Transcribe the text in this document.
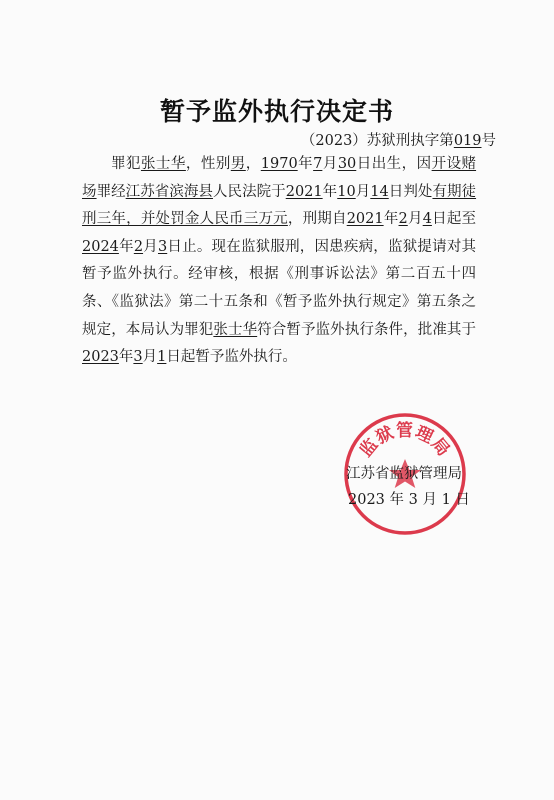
暂予监外执行决定书
（2023）苏狱刑执字第019号

罪犯张士华，性别男，1970年7月30日出生，因开设赌场罪经江苏省滨海县人民法院于2021年10月14日判处有期徒刑三年，并处罚金人民币三万元，刑期自2021年2月4日起至2024年2月3日止。现在监狱服刑，因患疾病，监狱提请对其暂予监外执行。经审核，根据《刑事诉讼法》第二百五十四条、《监狱法》第二十五条和《暂予监外执行规定》第五条之规定，本局认为罪犯张士华符合暂予监外执行条件，批准其于2023年3月1日起暂予监外执行。

监狱管理局
江苏省监狱管理局
2023 年 3 月 1 日
